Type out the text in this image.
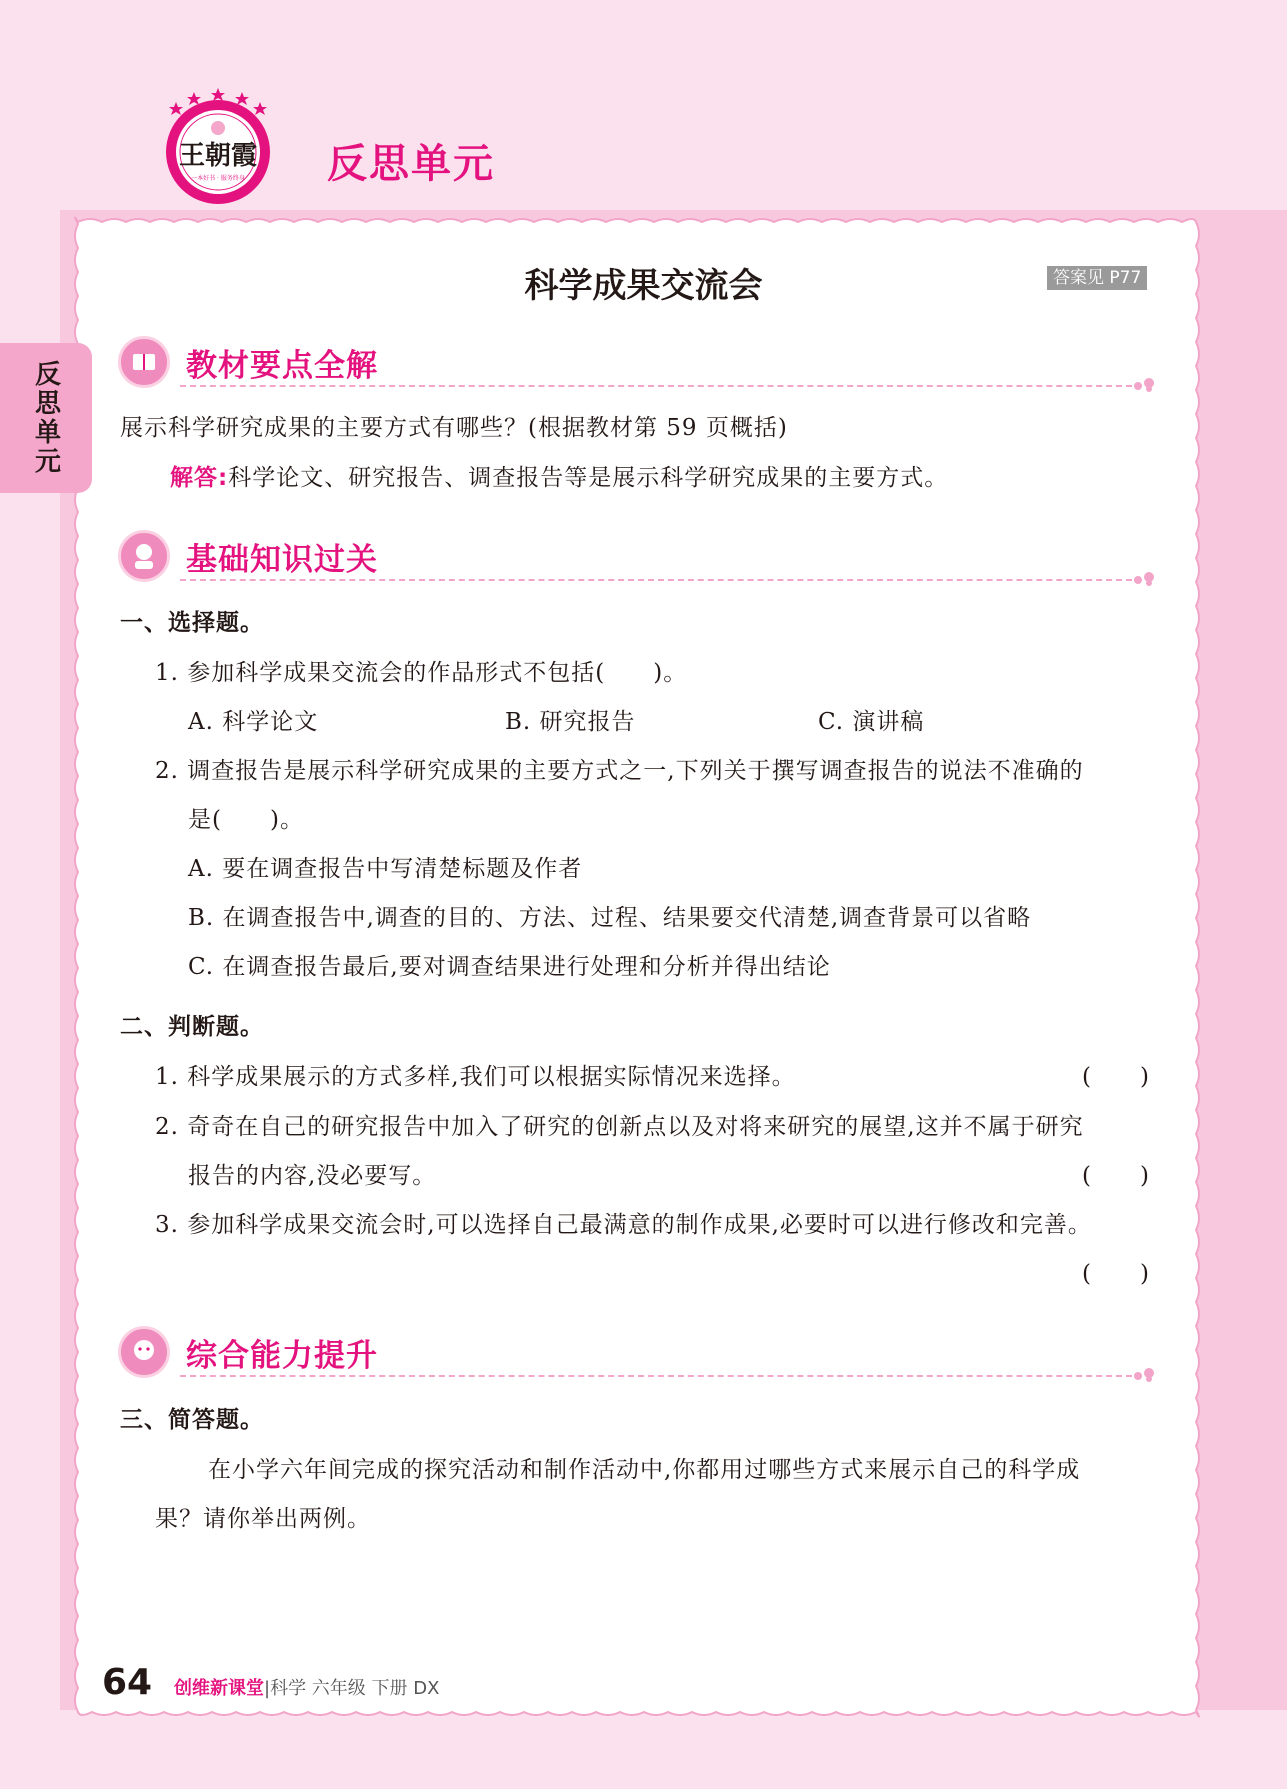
王朝霞
一本好书 · 服务终身 反思单元
反思单元
科学成果交流会	答案见 P77
教材要点全解
展示科学研究成果的主要方式有哪些？(根据教材第 59 页概括)
解答:科学论文、研究报告、调查报告等是展示科学研究成果的主要方式。
基础知识过关
一、选择题。
1. 参加科学成果交流会的作品形式不包括(　　)。
A. 科学论文	B. 研究报告	C. 演讲稿
2. 调查报告是展示科学研究成果的主要方式之一,下列关于撰写调查报告的说法不准确的
是(　　)。
A. 要在调查报告中写清楚标题及作者
B. 在调查报告中,调查的目的、方法、过程、结果要交代清楚,调查背景可以省略
C. 在调查报告最后,要对调查结果进行处理和分析并得出结论
二、判断题。
1. 科学成果展示的方式多样,我们可以根据实际情况来选择。	(　　)
2. 奇奇在自己的研究报告中加入了研究的创新点以及对将来研究的展望,这并不属于研究
报告的内容,没必要写。	(　　)
3. 参加科学成果交流会时,可以选择自己最满意的制作成果,必要时可以进行修改和完善。
(　　)
综合能力提升
三、简答题。
在小学六年间完成的探究活动和制作活动中,你都用过哪些方式来展示自己的科学成
果？请你举出两例。
64 创维新课堂|科学 六年级 下册 DX
